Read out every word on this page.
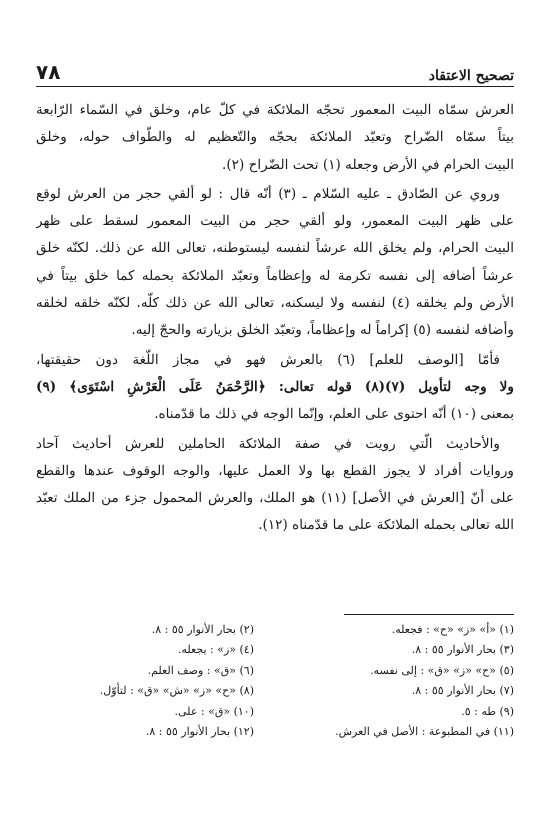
تصحيح الاعتقاد
٧٨

العرش سمّاه البيت المعمور تحجّه الملائكة في كلّ عام، وخلق في السّماء الرّابعة
بيتاً سمّاه الضّراح وتعبّد الملائكة بحجّه والتّعظيم له والطّواف حوله، وخلق
البيت الحرام في الأرض وجعله (١) تحت الضّراح (٢).

وروي عن الصّادق ـ عليه السّلام ـ (٣) أنّه قال : لو ألقي حجر من العرش لوقع
على ظهر البيت المعمور، ولو ألقي حجر من البيت المعمور لسقط على ظهر
البيت الحرام، ولم يخلق الله عرشاً لنفسه ليستوطنه، تعالى الله عن ذلك. لكنّه خلق
عرشاً أضافه إلى نفسه تكرمة له وإعظاماً وتعبّد الملائكة بحمله كما خلق بيتاً في
الأرض ولم يخلقه (٤) لنفسه ولا ليسكنه، تعالى الله عن ذلك كلّه. لكنّه خلقه لخلقه
وأضافه لنفسه (٥) إكراماً له وإعظاماً، وتعبّد الخلق بزيارته والحجّ إليه.

فأمّا [الوصف للعلم] (٦) بالعرش فهو في مجاز اللّغة دون حقيقتها،
ولا وجه لتأويل (٧)(٨) قوله تعالى: ﴿الرَّحْمَنُ عَلَى الْعَرْشِ اسْتَوَى﴾ (٩)
بمعنى (١٠) أنّه احتوى على العلم، وإنّما الوجه في ذلك ما قدّمناه.

والأحاديث الّتي رويت في صفة الملائكة الحاملين للعرش أحاديث آحاد
وروايات أفراد لا يجوز القطع بها ولا العمل عليها، والوجه الوقوف عندها والقطع
على أنّ [العرش في الأصل] (١١) هو الملك، والعرش المحمول جزء من الملك تعبّد
الله تعالى بحمله الملائكة على ما قدّمناه (١٢).

(١) «أ» «ز» «ح» : فجعله.
(٢) بحار الأنوار ٥٥ : ٨.
(٣) بحار الأنوار ٥٥ : ٨.
(٤) «ز» : يجعله.
(٥) «ح» «ز» «ق» : إلى نفسه.
(٦) «ق» : وصف العلم.
(٧) بحار الأنوار ٥٥ : ٨.
(٨) «ح» «ز» «ش» «ق» : لتأوّل.
(٩) طه : ٥.
(١٠) «ق» : على.
(١١) في المطبوعة : الأصل في العرش.
(١٢) بحار الأنوار ٥٥ : ٨.
